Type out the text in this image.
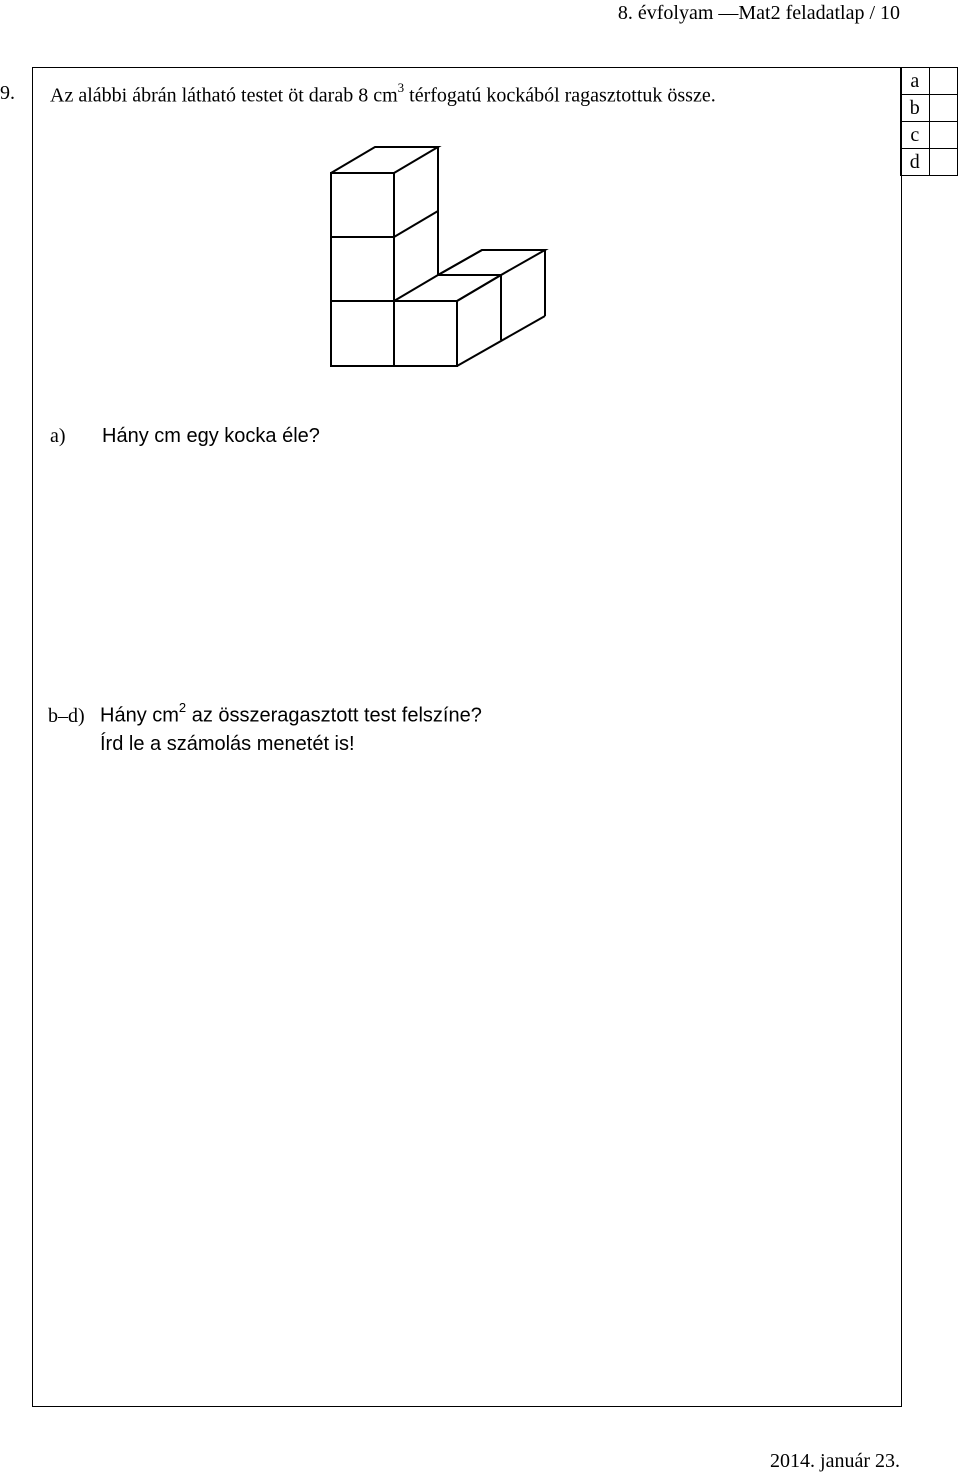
8. évfolyam —Mat2 feladatlap / 10
9. Az alábbi ábrán látható testet öt darab 8 $cm^3$ térfogatú kockából ragasztottuk össze.
a	
b	
c	
d	
a) Hány cm egy kocka éle?
b–d) Hány $cm^2$ az összeragasztott test felszíne?
Írd le a számolás menetét is!
2014. január 23.
